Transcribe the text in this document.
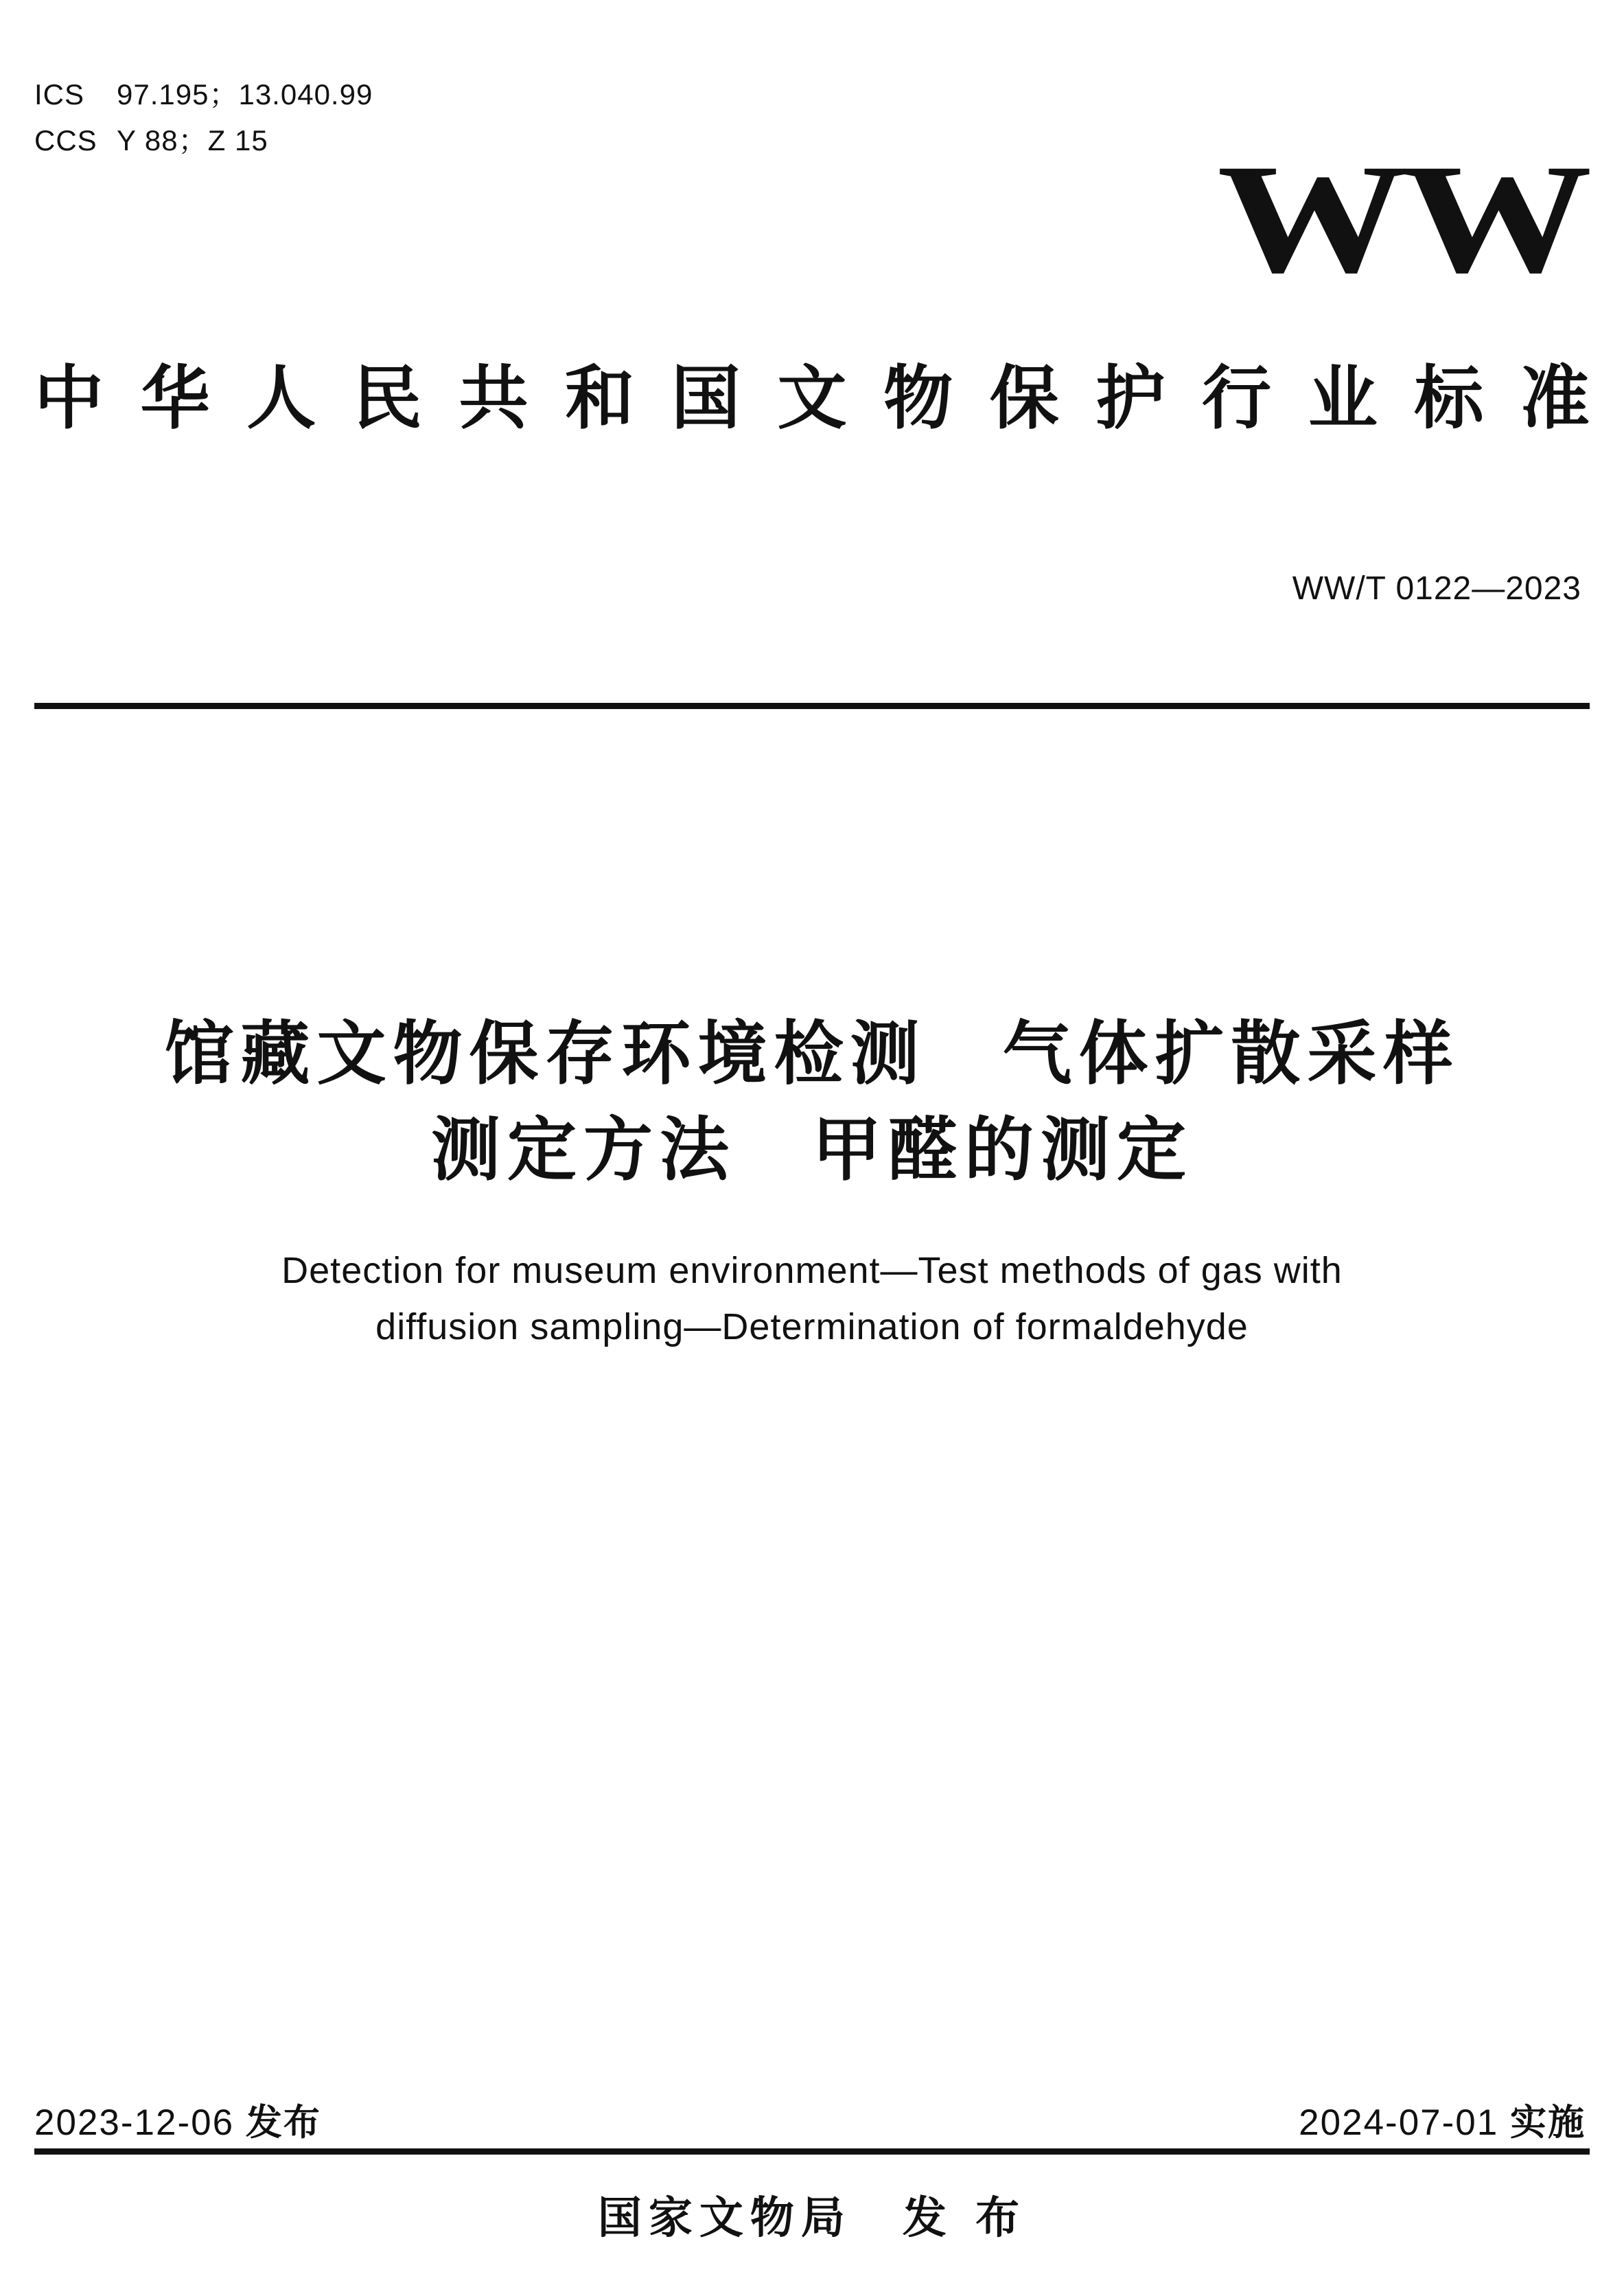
ICS 97.195；13.040.99
CCS Y 88；Z 15	WW
中华人民共和国文物保护行业标准
WW/T 0122—2023
馆藏文物保存环境检测　气体扩散采样
测定方法　甲醛的测定
Detection for museum environment—Test methods of gas with
diffusion sampling—Determination of formaldehyde
2023-12-06 发布	2024-07-01 实施
国家文物局　发 布
